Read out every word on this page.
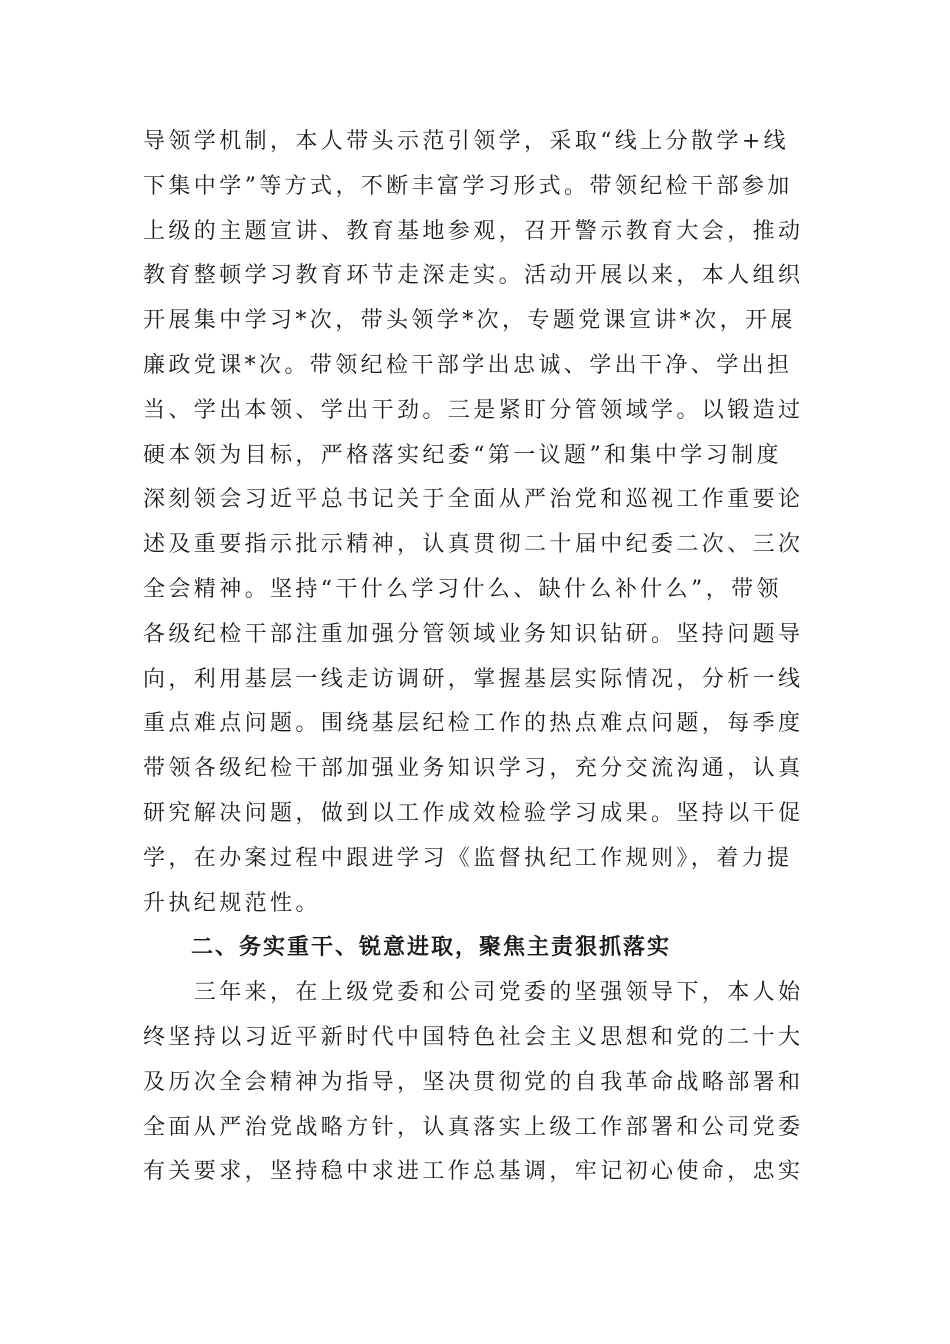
导领学机制，本人带头示范引领学，采取“线上分散学+线
下集中学”等方式，不断丰富学习形式。带领纪检干部参加
上级的主题宣讲、教育基地参观，召开警示教育大会，推动
教育整顿学习教育环节走深走实。活动开展以来，本人组织
开展集中学习*次，带头领学*次，专题党课宣讲*次，开展
廉政党课*次。带领纪检干部学出忠诚、学出干净、学出担
当、学出本领、学出干劲。三是紧盯分管领域学。以锻造过
硬本领为目标，严格落实纪委“第一议题”和集中学习制度
深刻领会习近平总书记关于全面从严治党和巡视工作重要论
述及重要指示批示精神，认真贯彻二十届中纪委二次、三次
全会精神。坚持“干什么学习什么、缺什么补什么”，带领
各级纪检干部注重加强分管领域业务知识钻研。坚持问题导
向，利用基层一线走访调研，掌握基层实际情况，分析一线
重点难点问题。围绕基层纪检工作的热点难点问题，每季度
带领各级纪检干部加强业务知识学习，充分交流沟通，认真
研究解决问题，做到以工作成效检验学习成果。坚持以干促
学，在办案过程中跟进学习《监督执纪工作规则》，着力提
升执纪规范性。
　　二、务实重干、锐意进取，聚焦主责狠抓落实
　　三年来，在上级党委和公司党委的坚强领导下，本人始
终坚持以习近平新时代中国特色社会主义思想和党的二十大
及历次全会精神为指导，坚决贯彻党的自我革命战略部署和
全面从严治党战略方针，认真落实上级工作部署和公司党委
有关要求，坚持稳中求进工作总基调，牢记初心使命，忠实
